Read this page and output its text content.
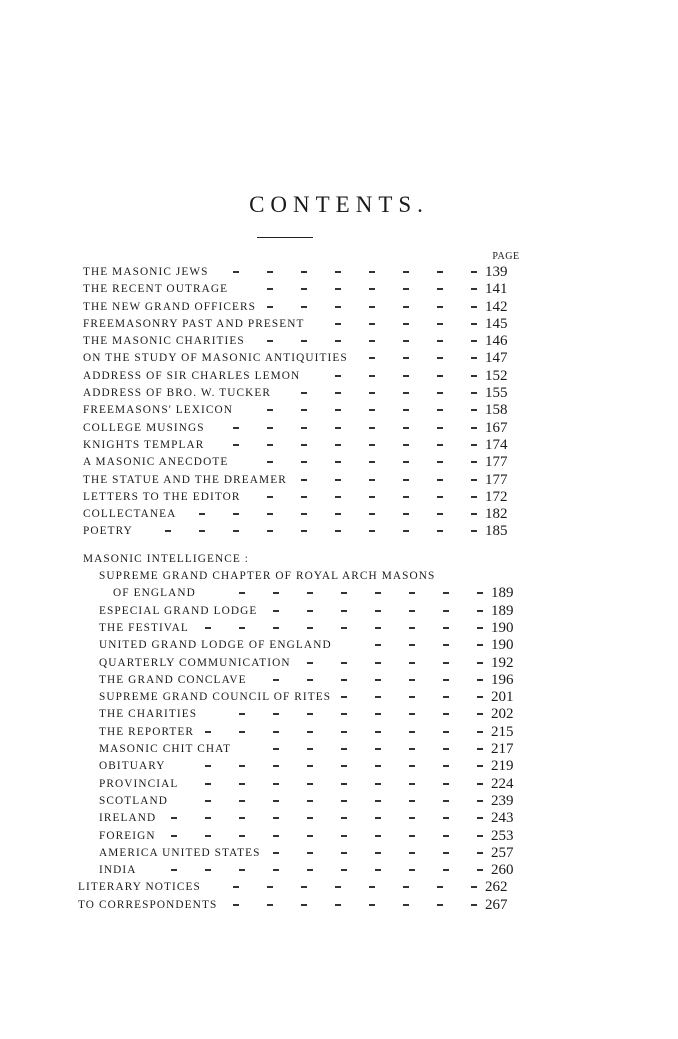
CONTENTS.
PAGE
THE MASONIC JEWS	139
THE RECENT OUTRAGE	141
THE NEW GRAND OFFICERS	142
FREEMASONRY PAST AND PRESENT	145
THE MASONIC CHARITIES	146
ON THE STUDY OF MASONIC ANTIQUITIES	147
ADDRESS OF SIR CHARLES LEMON	152
ADDRESS OF BRO. W. TUCKER	155
FREEMASONS' LEXICON	158
COLLEGE MUSINGS	167
KNIGHTS TEMPLAR	174
A MASONIC ANECDOTE	177
THE STATUE AND THE DREAMER	177
LETTERS TO THE EDITOR	172
COLLECTANEA	182
POETRY	185
MASONIC INTELLIGENCE :
SUPREME GRAND CHAPTER OF ROYAL ARCH MASONS
OF ENGLAND	189
ESPECIAL GRAND LODGE	189
THE FESTIVAL	190
UNITED GRAND LODGE OF ENGLAND	190
QUARTERLY COMMUNICATION	192
THE GRAND CONCLAVE	196
SUPREME GRAND COUNCIL OF RITES	201
THE CHARITIES	202
THE REPORTER	215
MASONIC CHIT CHAT	217
OBITUARY	219
PROVINCIAL	224
SCOTLAND	239
IRELAND	243
FOREIGN	253
AMERICA UNITED STATES	257
INDIA	260
LITERARY NOTICES	262
TO CORRESPONDENTS	267
